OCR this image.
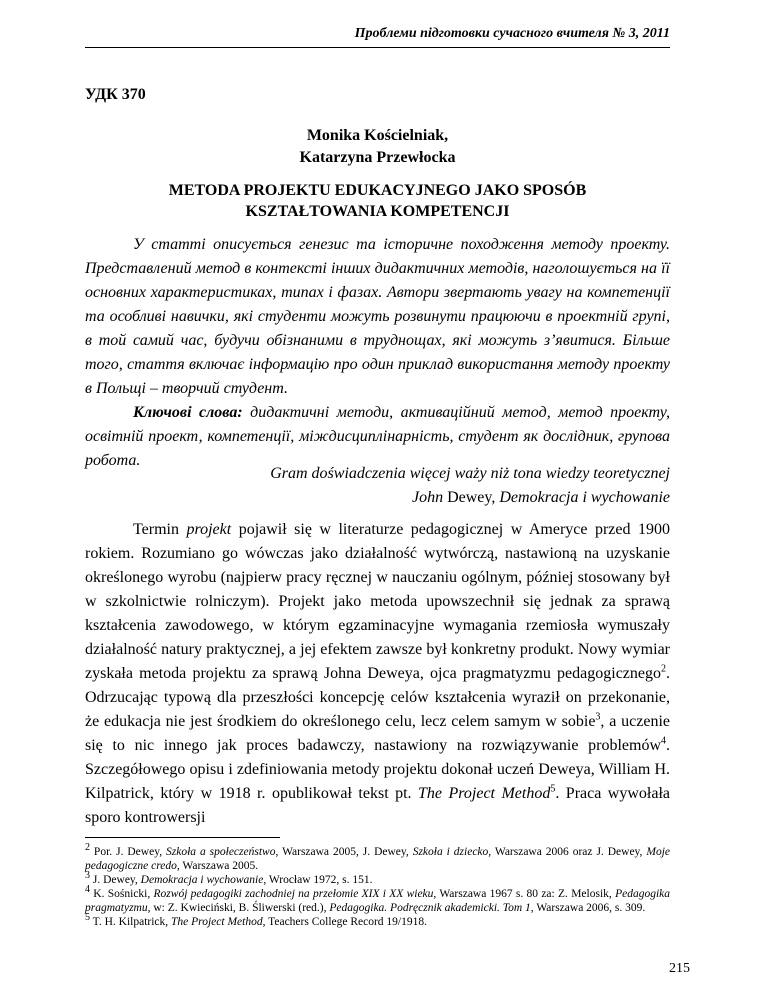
Проблеми підготовки сучасного вчителя № 3, 2011
УДК 370
Monika Kościelniak,
Katarzyna Przewłocka
METODA PROJEKTU EDUKACYJNEGO JAKO SPOSÓB
KSZTAŁTOWANIA KOMPETENCJI

У статті описується генезис та історичне походження методу проекту. Представлений метод в контексті інших дидактичних методів, наголошується на її основних характеристиках, типах і фазах. Автори звертають увагу на компетенції та особливі навички, які студенти можуть розвинути працюючи в проектній групі, в той самий час, будучи обізнаними в труднощах, які можуть з’явитися. Більше того, стаття включає інформацію про один приклад використання методу проекту в Польщі – творчий студент.

Ключові слова: дидактичні методи, активаційний метод, метод проекту, освітній проект, компетенції, міждисциплінарність, студент як дослідник, групова робота.

Gram doświadczenia więcej waży niż tona wiedzy teoretycznej
John Dewey, Demokracja i wychowanie

Termin projekt pojawił się w literaturze pedagogicznej w Ameryce przed 1900 rokiem. Rozumiano go wówczas jako działalność wytwórczą, nastawioną na uzyskanie określonego wyrobu (najpierw pracy ręcznej w nauczaniu ogólnym, później stosowany był w szkolnictwie rolniczym). Projekt jako metoda upowszechnił się jednak za sprawą kształcenia zawodowego, w którym egzaminacyjne wymagania rzemiosła wymuszały działalność natury praktycznej, a jej efektem zawsze był konkretny produkt. Nowy wymiar zyskała metoda projektu za sprawą Johna Deweya, ojca pragmatyzmu pedagogicznego$^2$. Odrzucając typową dla przeszłości koncepcję celów kształcenia wyraził on przekonanie, że edukacja nie jest środkiem do określonego celu, lecz celem samym w sobie$^3$, a uczenie się to nic innego jak proces badawczy, nastawiony na rozwiązywanie problemów$^4$. Szczegółowego opisu i zdefiniowania metody projektu dokonał uczeń Deweya, William H. Kilpatrick, który w 1918 r. opublikował tekst pt. The Project Method$^5$. Praca wywołała sporo kontrowersji

$^2$ Por. J. Dewey, Szkoła a społeczeństwo, Warszawa 2005, J. Dewey, Szkoła i dziecko, Warszawa 2006 oraz J. Dewey, Moje pedagogiczne credo, Warszawa 2005.

$^3$ J. Dewey, Demokracja i wychowanie, Wrocław 1972, s. 151.

$^4$ K. Sośnicki, Rozwój pedagogiki zachodniej na przełomie XIX i XX wieku, Warszawa 1967 s. 80 za: Z. Melosik, Pedagogika pragmatyzmu, w: Z. Kwieciński, B. Śliwerski (red.), Pedagogika. Podręcznik akademicki. Tom 1, Warszawa 2006, s. 309.

$^5$ T. H. Kilpatrick, The Project Method, Teachers College Record 19/1918.

215
